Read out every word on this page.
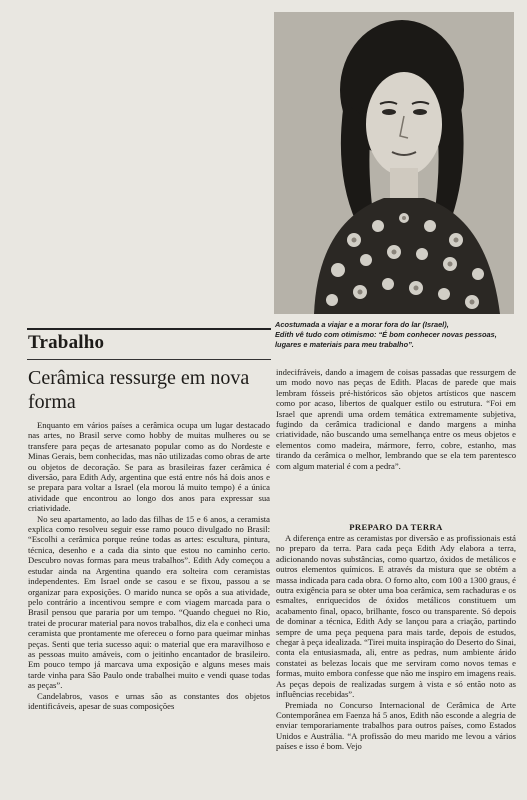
Acostumada a viajar e a morar fora do lar (Israel),

Edith vê tudo com otimismo: “É bom conhecer novas pessoas, lugares e materiais para meu trabalho”.

Trabalho
Cerâmica ressurge em nova forma

Enquanto em vários países a cerâmica ocupa um lugar destacado nas artes, no Brasil serve como hobby de muitas mulheres ou se transfere para peças de artesanato popular como as do Nordeste e Minas Gerais, bem conhecidas, mas não utilizadas como obras de arte ou objetos de decoração. Se para as brasileiras fazer cerâmica é diversão, para Edith Ady, argentina que está entre nós há dois anos e se prepara para voltar a Israel (ela morou lá muito tempo) é a única atividade que encontrou ao longo dos anos para expressar sua criatividade.

No seu apartamento, ao lado das filhas de 15 e 6 anos, a ceramista explica como resolveu seguir esse ramo pouco divulgado no Brasil: “Escolhi a cerâmica porque reúne todas as artes: escultura, pintura, técnica, desenho e a cada dia sinto que estou no caminho certo. Descubro novas formas para meus trabalhos”. Edith Ady começou a estudar ainda na Argentina quando era solteira com ceramistas independentes. Em Israel onde se casou e se fixou, passou a se organizar para exposições. O marido nunca se opôs a sua atividade, pelo contrário a incentivou sempre e com viagem marcada para o Brasil pensou que pararia por um tempo. “Quando cheguei no Rio, tratei de procurar material para novos trabalhos, diz ela e conheci uma ceramista que prontamente me ofereceu o forno para queimar minhas peças. Senti que teria sucesso aqui: o material que era maravilhoso e as pessoas muito amáveis, com o jeitinho encantador de brasileiro. Em pouco tempo já marcava uma exposição e alguns meses mais tarde vinha para São Paulo onde trabalhei muito e vendi quase todas as peças”.

Candelabros, vasos e urnas são as constantes dos objetos identificáveis, apesar de suas composições

indecifráveis, dando a imagem de coisas passadas que ressurgem de um modo novo nas peças de Edith. Placas de parede que mais lembram fósseis pré-históricos são objetos artísticos que nascem como por acaso, libertos de qualquer estilo ou estrutura. “Foi em Israel que aprendi uma ordem temática extremamente subjetiva, fugindo da cerâmica tradicional e dando margens a minha criatividade, não buscando uma semelhança entre os meus objetos e elementos como madeira, mármore, ferro, cobre, estanho, mas tirando da cerâmica o melhor, lembrando que se ela tem parentesco com algum material é com a pedra”.

PREPARO DA TERRA

A diferença entre as ceramistas por diversão e as profissionais está no preparo da terra. Para cada peça Edith Ady elabora a terra, adicionando novas substâncias, como quartzo, óxidos de metálicos e outros elementos químicos. E através da mistura que se obtém a massa indicada para cada obra. O forno alto, com 100 a 1300 graus, é outra exigência para se obter uma boa cerâmica, sem rachaduras e os esmaltes, enriquecidos de óxidos metálicos constituem um acabamento final, opaco, brilhante, fosco ou transparente. Só depois de dominar a técnica, Edith Ady se lançou para a criação, partindo sempre de uma peça pequena para mais tarde, depois de estudos, chegar à peça idealizada. “Tirei muita inspiração do Deserto do Sinai, conta ela entusiasmada, ali, entre as pedras, num ambiente árido constatei as belezas locais que me serviram como novos temas e formas, muito embora confesse que não me inspiro em imagens reais. As peças depois de realizadas surgem à vista e só então noto as influências recebidas”.

Premiada no Concurso Internacional de Cerâmica de Arte Contemporânea em Faenza há 5 anos, Edith não esconde a alegria de enviar temporariamente trabalhos para outros países, como Estados Unidos e Austrália. “A profissão do meu marido me levou a vários países e isso é bom. Vejo
